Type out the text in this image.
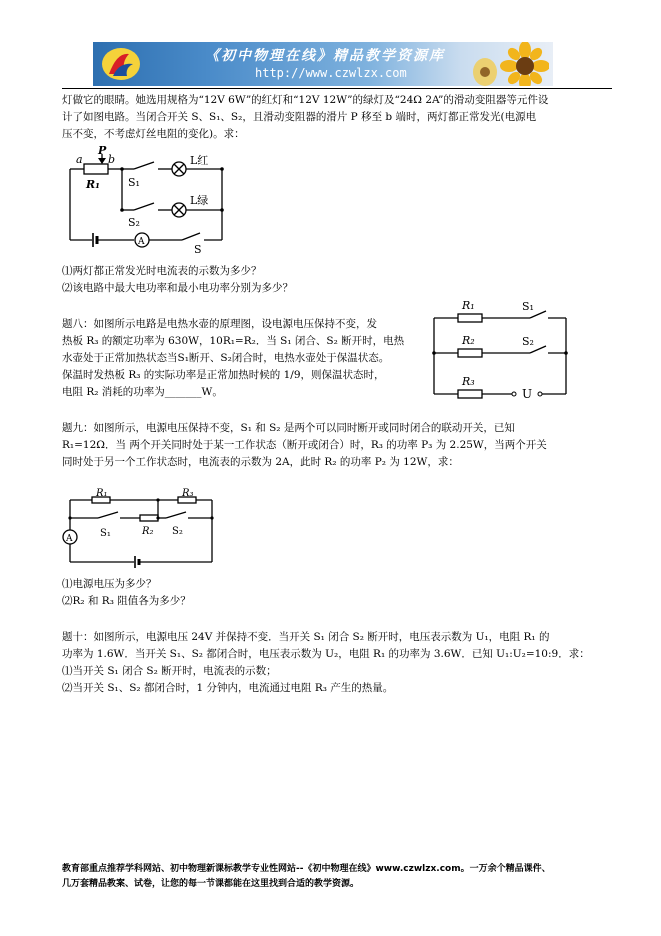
《初中物理在线》精品教学资源库
http://www.czwlzx.com
灯做它的眼睛。她选用规格为“12V 6W”的红灯和“12V 12W”的绿灯及“24Ω 2A”的滑动变阻器等元件设
计了如图电路。当闭合开关 S、S₁、S₂，且滑动变阻器的滑片 P 移至 b 端时，两灯都正常发光(电源电
压不变，不考虑灯丝电阻的变化)。求：
a
P
b
R₁	S₁
S₂
L红
L绿
A
S
⑴两灯都正常发光时电流表的示数为多少？
⑵该电路中最大电功率和最小电功率分别为多少？
题八：如图所示电路是电热水壶的原理图，设电源电压保持不变，发
热板 R₃ 的额定功率为 630W，10R₁=R₂．当 S₁ 闭合、S₂ 断开时，电热
水壶处于正常加热状态当S₁断开、S₂闭合时，电热水壶处于保温状态。
保温时发热板 R₃ 的实际功率是正常加热时候的 1/9，则保温状态时，
电阻 R₂ 消耗的功率为_______W。
R₁
R₂
R₃
S₁
S₂
U
题九：如图所示，电源电压保持不变，S₁ 和 S₂ 是两个可以同时断开或同时闭合的联动开关，已知
R₁=12Ω．当 两个开关同时处于某一工作状态（断开或闭合）时，R₃ 的功率 P₃ 为 2.25W，当两个开关
同时处于另一个工作状态时，电流表的示数为 2A，此时 R₂ 的功率 P₂ 为 12W，求：
R₁	R₃
R₂
S₁	S₂
A
⑴电源电压为多少？
⑵R₂ 和 R₃ 阻值各为多少？
题十：如图所示，电源电压 24V 并保持不变．当开关 S₁ 闭合 S₂ 断开时，电压表示数为 U₁，电阻 R₁ 的
功率为 1.6W．当开关 S₁、S₂ 都闭合时，电压表示数为 U₂，电阻 R₁ 的功率为 3.6W．已知 U₁:U₂=10:9．求：
⑴当开关 S₁ 闭合 S₂ 断开时，电流表的示数；
⑵当开关 S₁、S₂ 都闭合时，1 分钟内，电流通过电阻 R₃ 产生的热量。
教育部重点推荐学科网站、初中物理新课标教学专业性网站--《初中物理在线》www.czwlzx.com。一万余个精品课件、
几万套精品教案、试卷，让您的每一节课都能在这里找到合适的教学资源。
